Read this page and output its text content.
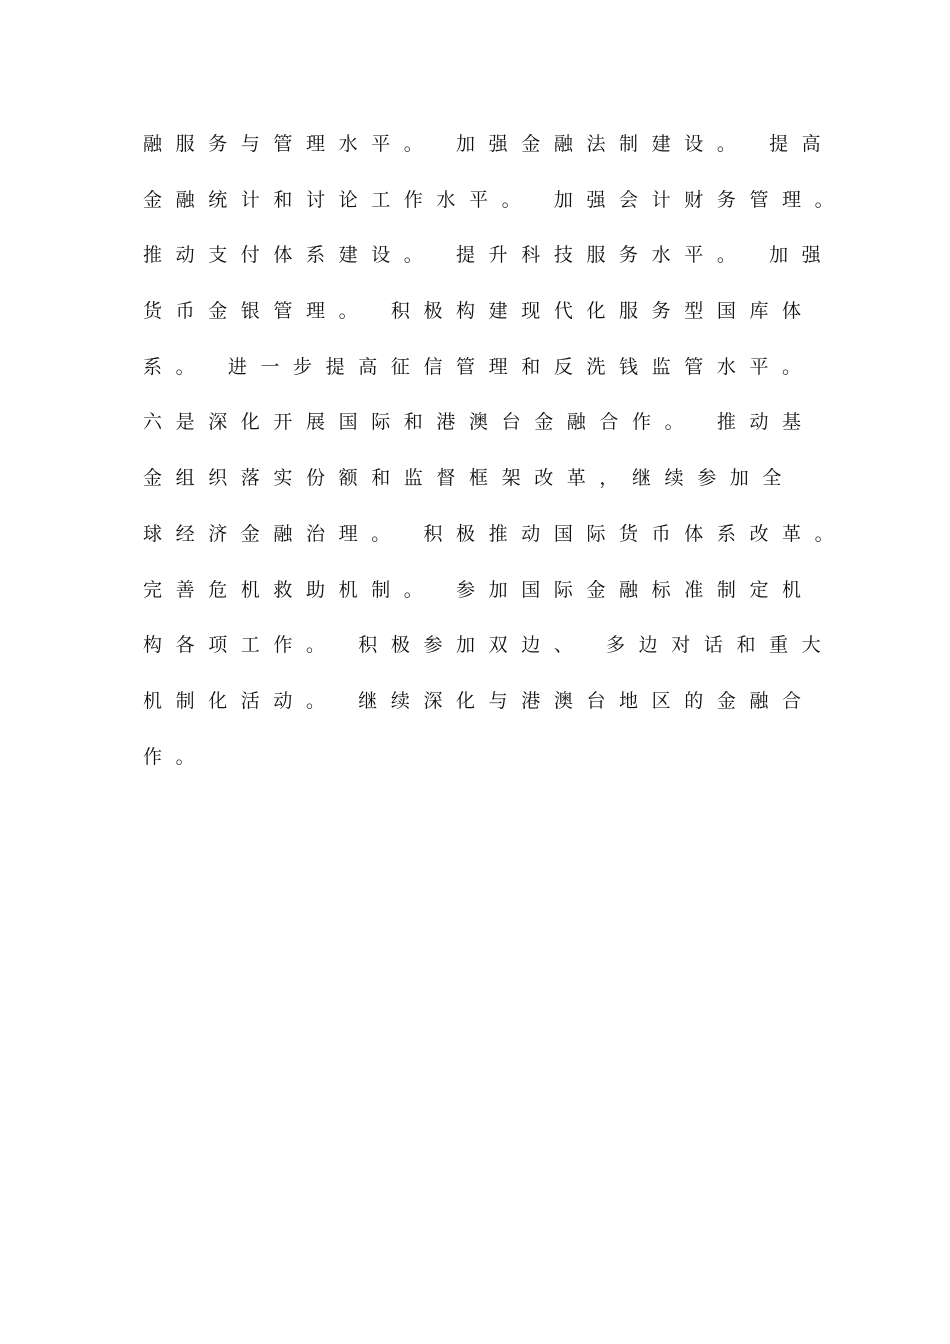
融服务与管理水平。 加强金融法制建设。 提高
金融统计和讨论工作水平。 加强会计财务管理。
推动支付体系建设。 提升科技服务水平。 加强
货币金银管理。 积极构建现代化服务型国库体
系。 进一步提高征信管理和反洗钱监管水平。
六是深化开展国际和港澳台金融合作。 推动基
金组织落实份额和监督框架改革，继续参加全
球经济金融治理。 积极推动国际货币体系改革。
完善危机救助机制。 参加国际金融标准制定机
构各项工作。 积极参加双边、 多边对话和重大
机制化活动。 继续深化与港澳台地区的金融合
作。
